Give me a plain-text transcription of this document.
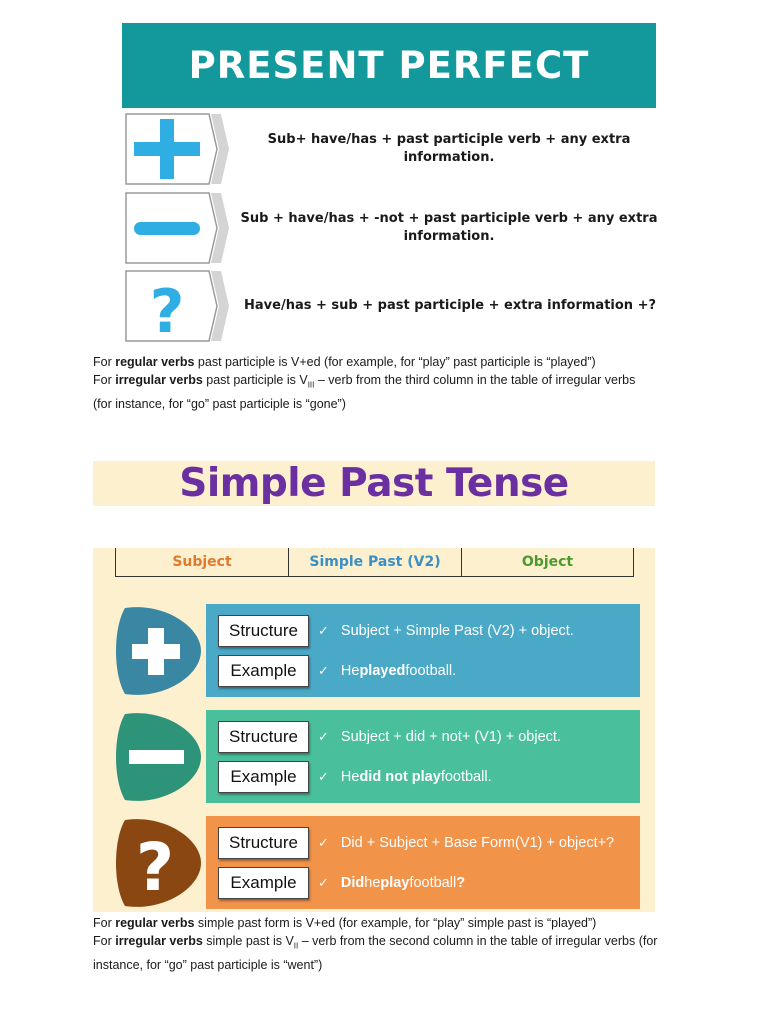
PRESENT PERFECT
Sub+ have/has + past participle verb + any extra
information.
Sub + have/has + -not + past participle verb + any extra
information.
?	Have/has + sub + past participle + extra information +?
For regular verbs past participle is V+ed (for example, for “play” past participle is “played”)
For irregular verbs past participle is $V_{III}$ – verb from the third column in the table of irregular verbs
(for instance, for “go” past participle is “gone”)
Simple Past Tense
Subject	Simple Past (V2)	Object
Structure	✓ Subject + Simple Past (V2) + object.
Example	✓ He played football.
Structure	✓ Subject + did + not+ (V1) + object.
Example	✓ He did not play football.
?	Structure	✓ Did + Subject + Base Form(V1) + object+?
Example	✓ Did he play football ?
For regular verbs simple past form is V+ed (for example, for “play” simple past is “played”)
For irregular verbs simple past is $V_{II}$ – verb from the second column in the table of irregular verbs (for
instance, for “go” past participle is “went”)
